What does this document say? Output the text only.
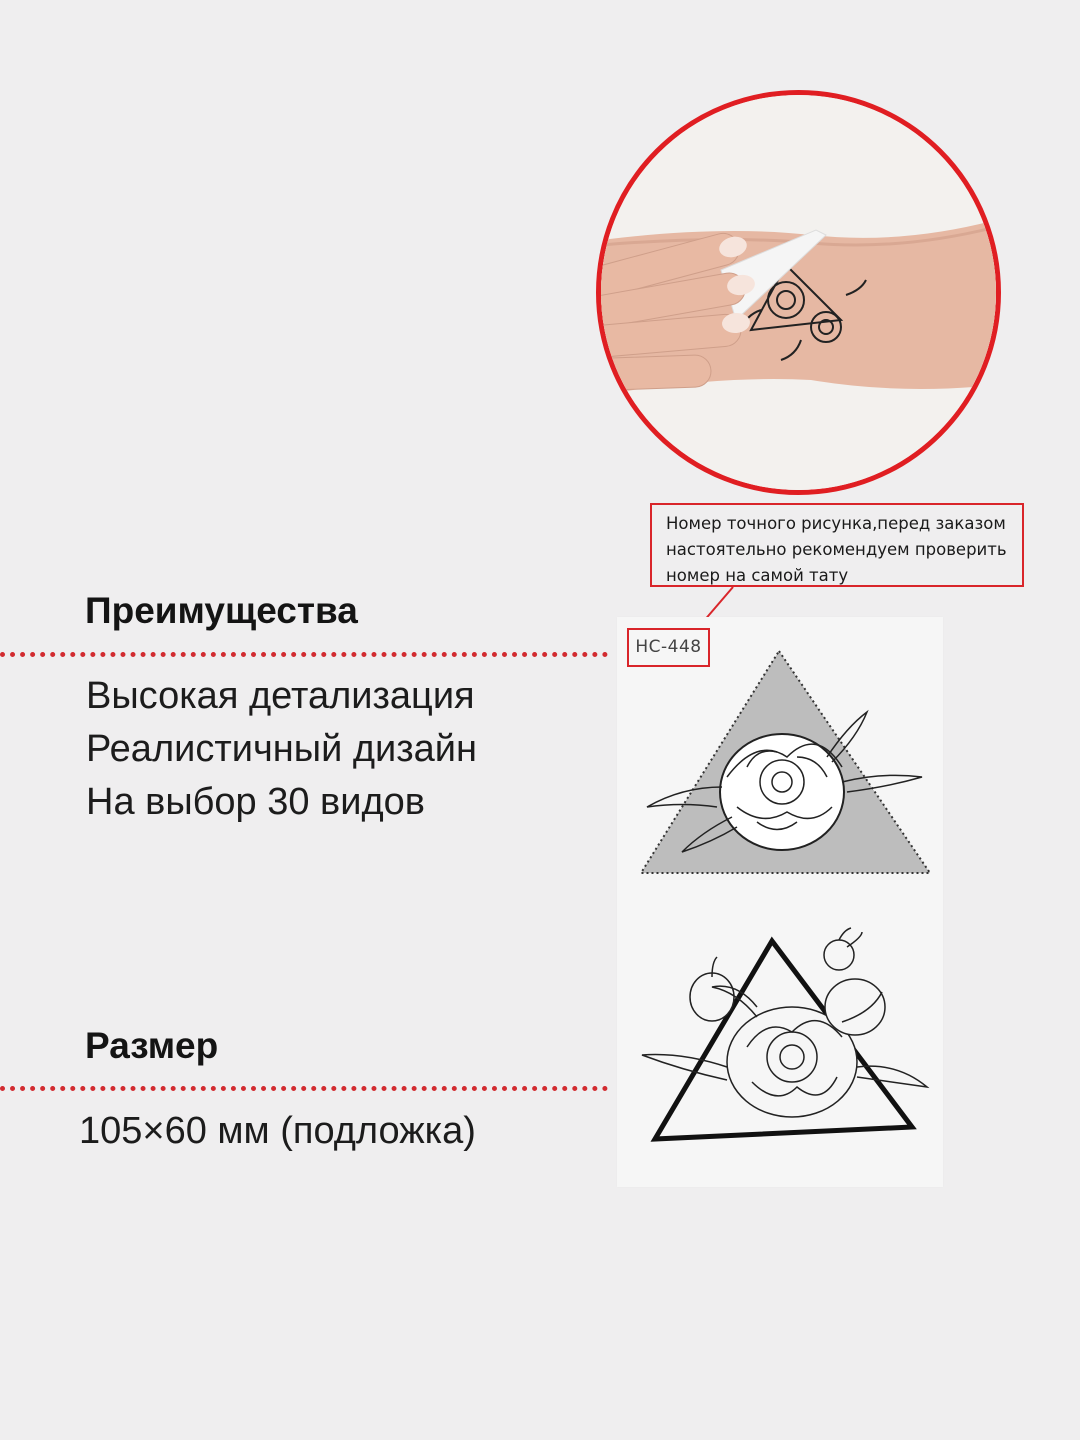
Номер точного рисунка,перед заказом
настоятельно рекомендуем проверить
номер на самой тату
HC-448
Преимущества
Высокая детализация
Реалистичный дизайн
На выбор 30 видов
Размер
105×60 мм (подложка)
